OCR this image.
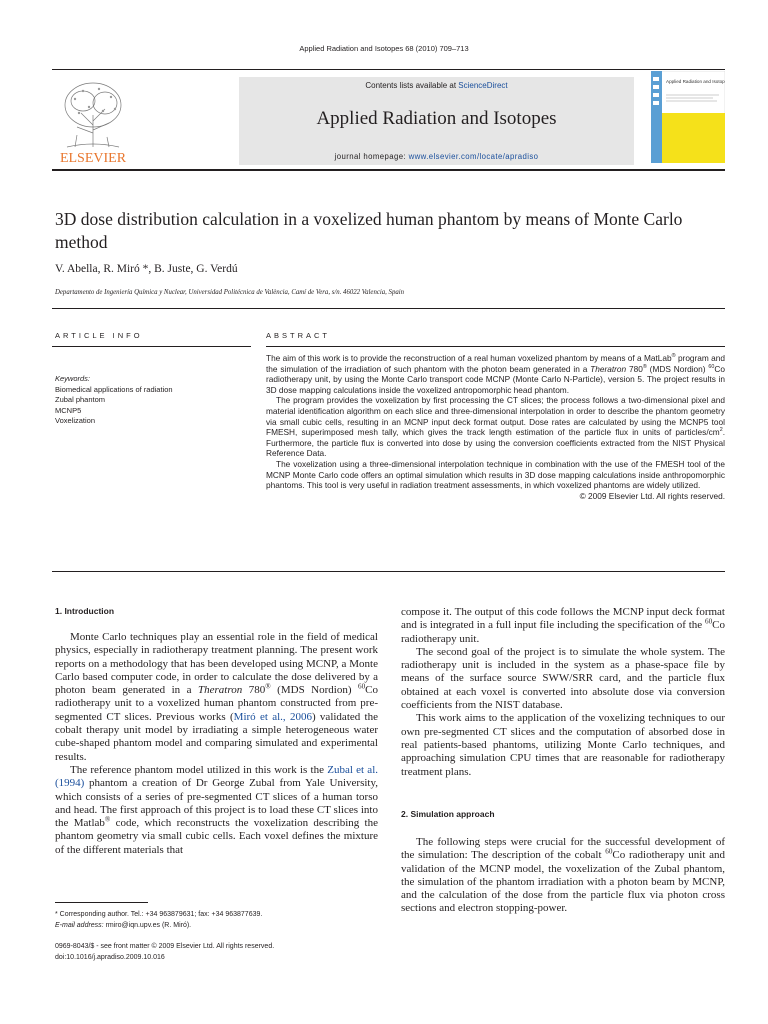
Applied Radiation and Isotopes 68 (2010) 709–713
ELSEVIER
Contents lists available at ScienceDirect
Applied Radiation and Isotopes
journal homepage: www.elsevier.com/locate/apradiso
Applied Radiation and Isotopes
3D dose distribution calculation in a voxelized human phantom by means of Monte Carlo method
V. Abella, R. Miró *, B. Juste, G. Verdú
Departamento de Ingeniería Química y Nuclear, Universidad Politécnica de València, Camí de Vera, s/n. 46022 Valencia, Spain
ARTICLE INFO	ABSTRACT
Keywords:
Biomedical applications of radiation
Zubal phantom
MCNP5
Voxelization

The aim of this work is to provide the reconstruction of a real human voxelized phantom by means of a MatLab® program and the simulation of the irradiation of such phantom with the photon beam generated in a Theratron 780® (MDS Nordion) $^{60}$Co radiotherapy unit, by using the Monte Carlo transport code MCNP (Monte Carlo N-Particle), version 5. The project results in 3D dose mapping calculations inside the voxelized antropomorphic head phantom.

The program provides the voxelization by first processing the CT slices; the process follows a two-dimensional pixel and material identification algorithm on each slice and three-dimensional interpolation in order to describe the phantom geometry via small cubic cells, resulting in an MCNP input deck format output. Dose rates are calculated by using the MCNP5 tool FMESH, superimposed mesh tally, which gives the track length estimation of the particle flux in units of particles/$cm^2$. Furthermore, the particle flux is converted into dose by using the conversion coefficients extracted from the NIST Physical Reference Data.

The voxelization using a three-dimensional interpolation technique in combination with the use of the FMESH tool of the MCNP Monte Carlo code offers an optimal simulation which results in 3D dose mapping calculations inside anthropomorphic phantoms. This tool is very useful in radiation treatment assessments, in which voxelized phantoms are widely utilized.

© 2009 Elsevier Ltd. All rights reserved.
1. Introduction

Monte Carlo techniques play an essential role in the field of medical physics, especially in radiotherapy treatment planning. The present work reports on a methodology that has been developed using MCNP, a Monte Carlo based computer code, in order to calculate the dose delivered by a photon beam generated in a Theratron 780® (MDS Nordion) $^{60}$Co radiotherapy unit to a voxelized human phantom constructed from pre-segmented CT slices. Previous works (Miró et al., 2006) validated the cobalt therapy unit model by irradiating a simple heterogeneous water cube-shaped phantom model and comparing simulated and experimental results.

The reference phantom model utilized in this work is the Zubal et al. (1994) phantom a creation of Dr George Zubal from Yale University, which consists of a series of pre-segmented CT slices of a human torso and head. The first approach of this project is to load these CT slices into the Matlab® code, which reconstructs the voxelization describing the phantom geometry via small cubic cells. Each voxel defines the mixture of the different materials that

compose it. The output of this code follows the MCNP input deck format and is integrated in a full input file including the specification of the $^{60}$Co radiotherapy unit.

The second goal of the project is to simulate the whole system. The radiotherapy unit is included in the system as a phase-space file by means of the surface source SWW/SRR card, and the particle flux obtained at each voxel is converted into absolute dose via conversion coefficients from the NIST database.

This work aims to the application of the voxelizing techniques to our own pre-segmented CT slices and the computation of absorbed dose in real patients-based phantoms, utilizing Monte Carlo techniques, and approaching simulation CPU times that are reasonable for radiotherapy treatment plans.

2. Simulation approach

The following steps were crucial for the successful development of the simulation: The description of the cobalt $^{60}$Co radiotherapy unit and validation of the MCNP model, the voxelization of the Zubal phantom, the simulation of the phantom irradiation with a photon beam by MCNP, and the calculation of the dose from the particle flux via photon cross sections and electron stopping-power.

* Corresponding author. Tel.: +34 963879631; fax: +34 963877639.
E-mail address: rmiro@iqn.upv.es (R. Miró).
0969-8043/$ - see front matter © 2009 Elsevier Ltd. All rights reserved.
doi:10.1016/j.apradiso.2009.10.016
